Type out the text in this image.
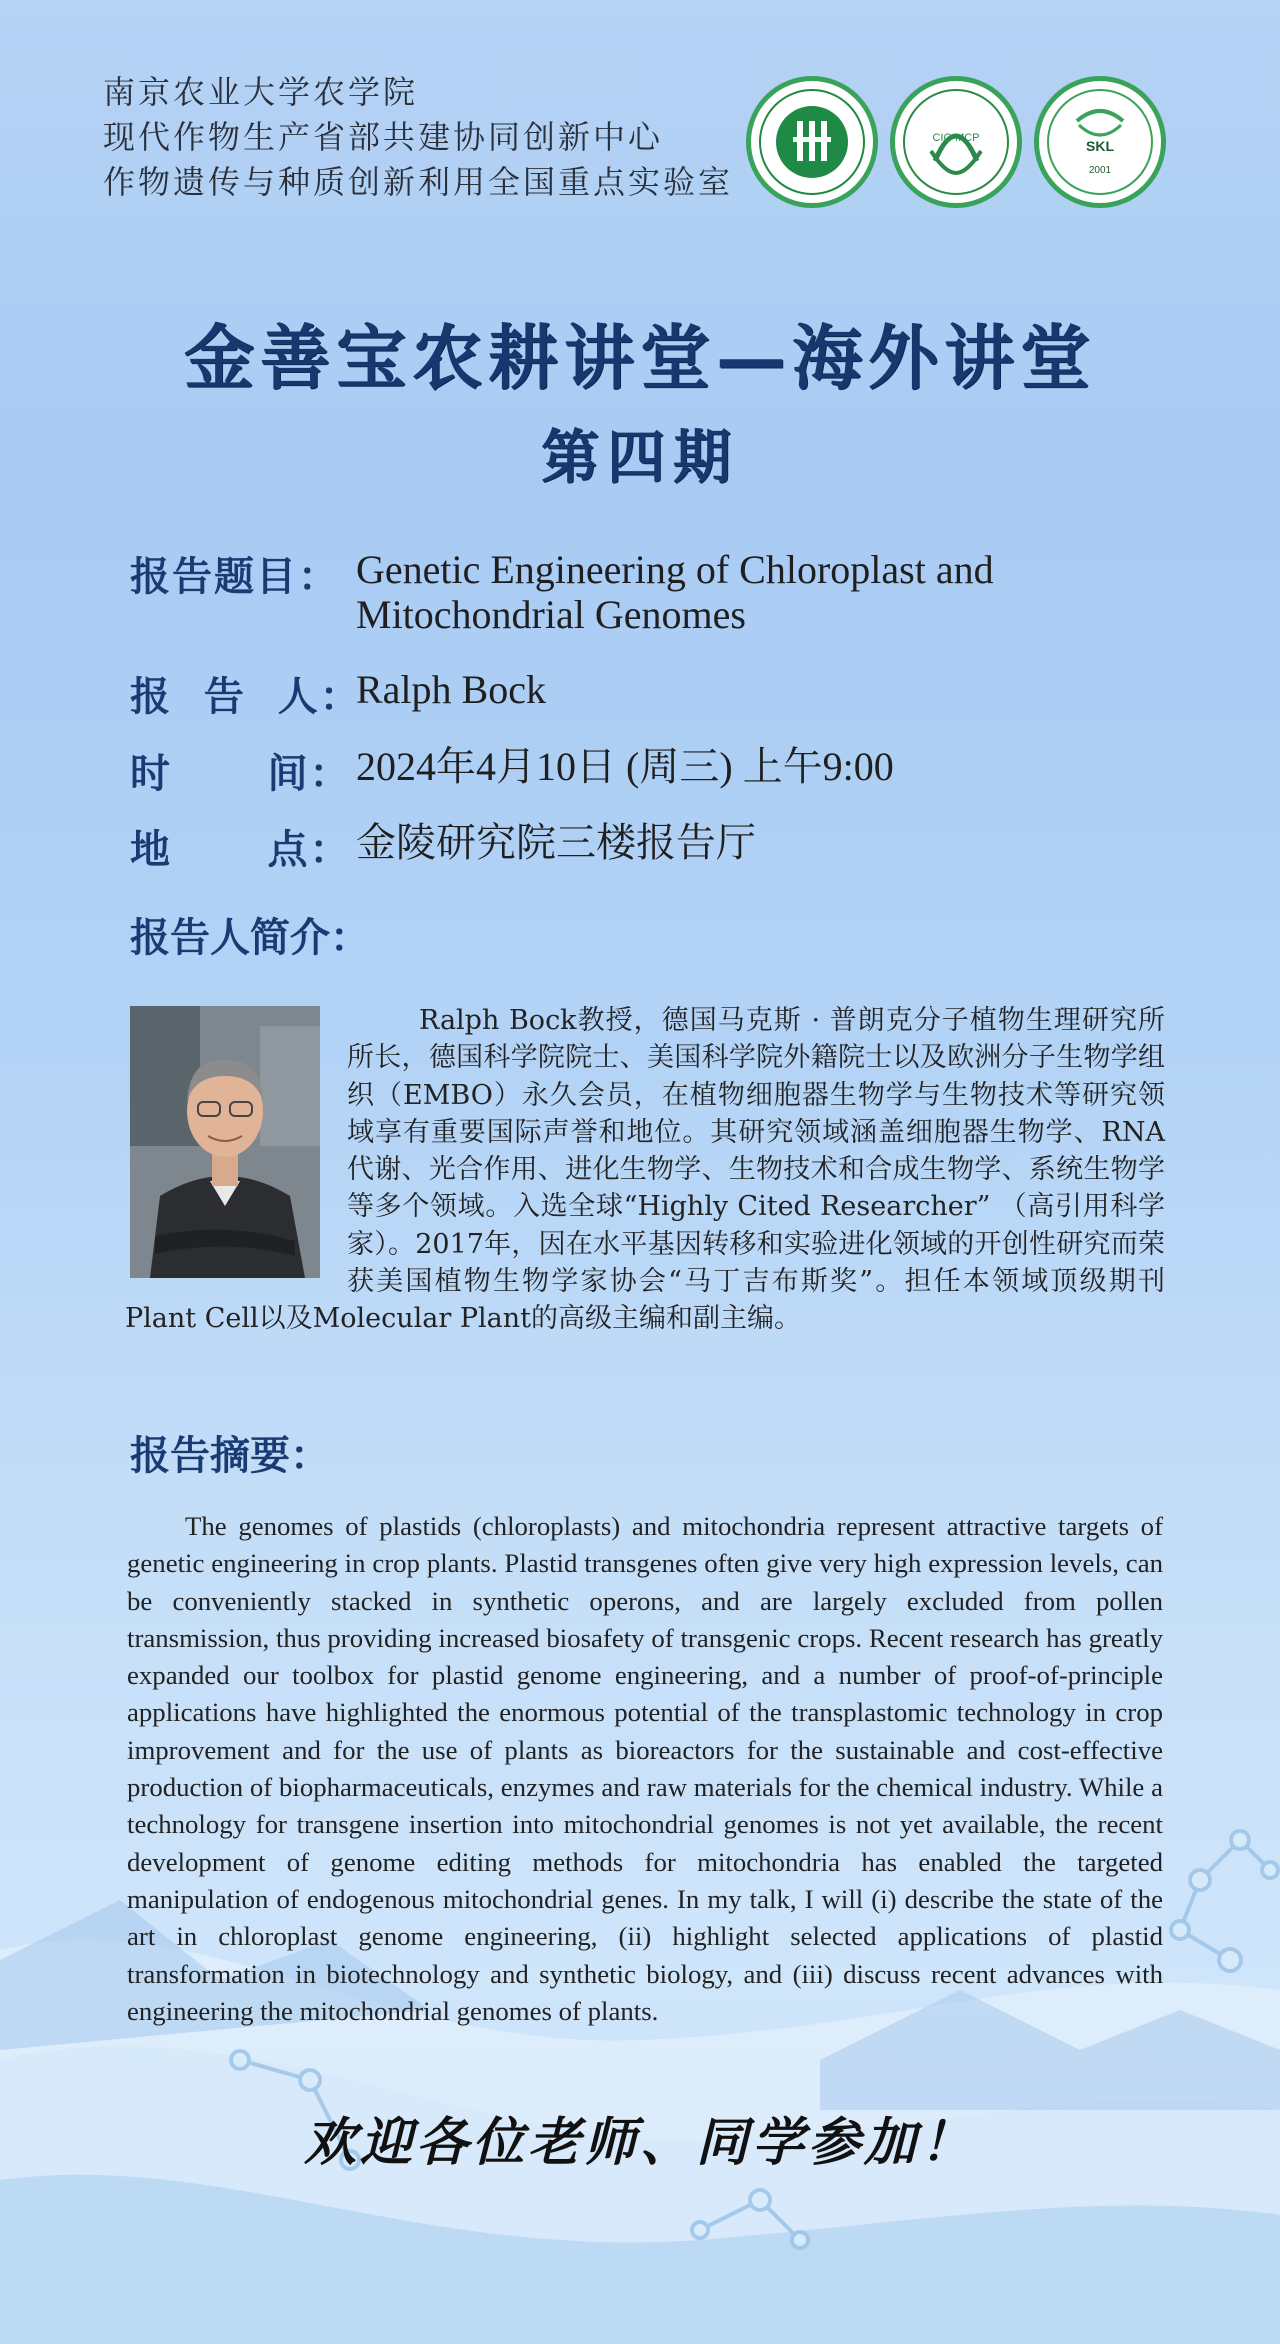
南京农业大学农学院
现代作物生产省部共建协同创新中心
作物遗传与种质创新利用全国重点实验室
CIC-MCP	SKL
2001
金善宝农耕讲堂—海外讲堂
第四期
报告题目： Genetic Engineering of Chloroplast and
Mitochondrial Genomes
报  告  人：
Ralph Bock
时      间： 2024年4月10日 (周三) 上午9:00
地      点： 金陵研究院三楼报告厅
报告人简介：
Ralph Bock教授，德国马克斯 · 普朗克分子植物生理研究所所长，德国科学院院士、美国科学院外籍院士以及欧洲分子生物学组织（EMBO）永久会员，在植物细胞器生物学与生物技术等研究领域享有重要国际声誉和地位。其研究领域涵盖细胞器生物学、RNA代谢、光合作用、进化生物学、生物技术和合成生物学、系统生物学等多个领域。入选全球“Highly Cited Researcher” （高引用科学家）。2017年，因在水平基因转移和实验进化领域的开创性研究而荣获美国植物生物学家协会“马丁吉布斯奖”。担任本领域顶级期刊Plant Cell以及Molecular Plant的高级主编和副主编。
报告摘要：
The genomes of plastids (chloroplasts) and mitochondria represent attractive targets of genetic engineering in crop plants. Plastid transgenes often give very high expression levels, can be conveniently stacked in synthetic operons, and are largely excluded from pollen transmission, thus providing increased biosafety of transgenic crops. Recent research has greatly expanded our toolbox for plastid genome engineering, and a number of proof-of-principle applications have highlighted the enormous potential of the transplastomic technology in crop improvement and for the use of plants as bioreactors for the sustainable and cost-effective production of biopharmaceuticals, enzymes and raw materials for the chemical industry. While a technology for transgene insertion into mitochondrial genomes is not yet available, the recent development of genome editing methods for mitochondria has enabled the targeted manipulation of endogenous mitochondrial genes. In my talk, I will (i) describe the state of the art in chloroplast genome engineering, (ii) highlight selected applications of plastid transformation in biotechnology and synthetic biology, and (iii) discuss recent advances with engineering the mitochondrial genomes of plants.
欢迎各位老师、同学参加！
